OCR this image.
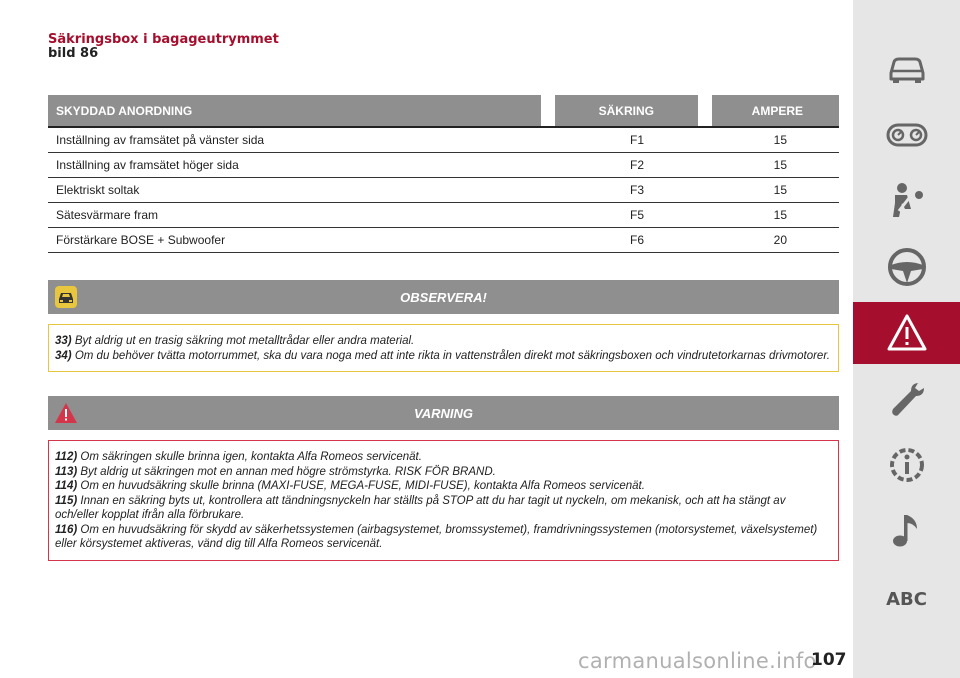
Säkringsbox i bagageutrymmet
bild 86
SKYDDAD ANORDNING	SÄKRING	AMPERE
Inställning av framsätet på vänster sida	F1	15
Inställning av framsätet höger sida	F2	15
Elektriskt soltak	F3	15
Sätesvärmare fram	F5	15
Förstärkare BOSE + Subwoofer	F6	20
OBSERVERA!

33) Byt aldrig ut en trasig säkring mot metalltrådar eller andra material.

34) Om du behöver tvätta motorrummet, ska du vara noga med att inte rikta in vattenstrålen direkt mot säkringsboxen och vindrutetorkarnas drivmotorer.

VARNING

112) Om säkringen skulle brinna igen, kontakta Alfa Romeos servicenät.

113) Byt aldrig ut säkringen mot en annan med högre strömstyrka. RISK FÖR BRAND.

114) Om en huvudsäkring skulle brinna (MAXI-FUSE, MEGA-FUSE, MIDI-FUSE), kontakta Alfa Romeos servicenät.

115) Innan en säkring byts ut, kontrollera att tändningsnyckeln har ställts på STOP att du har tagit ut nyckeln, om mekanisk, och att ha stängt av och/eller kopplat ifrån alla förbrukare.

116) Om en huvudsäkring för skydd av säkerhetssystemen (airbagsystemet, bromssystemet), framdrivningssystemen (motorsystemet, växelsystemet) eller körsystemet aktiveras, vänd dig till Alfa Romeos servicenät.

ABC
carmanualsonline.info
107
